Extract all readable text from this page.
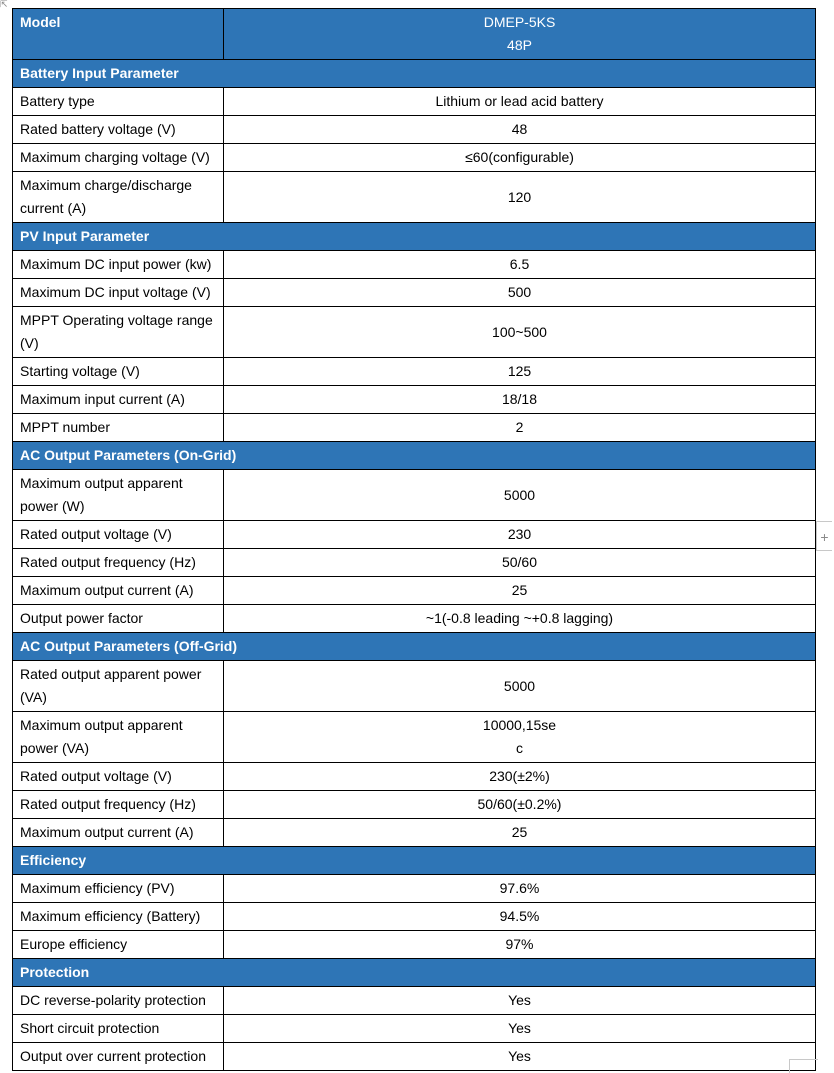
⇱
Model	DMEP-5KS
48P

Battery Input Parameter	
Battery type	Lithium or lead acid battery

Rated battery voltage (V)	48

Maximum charging voltage (V)	≤60(configurable)

Maximum charge/discharge current (A)	120

PV Input Parameter	
Maximum DC input power (kw)	6.5

Maximum DC input voltage (V)	500

MPPT Operating voltage range (V)	100~500

Starting voltage (V)	125

Maximum input current (A)	18/18

MPPT number	2

AC Output Parameters (On-Grid)	
Maximum output apparent power (W)	5000

Rated output voltage (V)	230

Rated output frequency (Hz)	50/60

Maximum output current (A)	25

Output power factor	~1(-0.8 leading ~+0.8 lagging)

AC Output Parameters (Off-Grid)	
Rated output apparent power (VA)	5000

Maximum output apparent power (VA)	10000,15se
c

Rated output voltage (V)	230(±2%)

Rated output frequency (Hz)	50/60(±0.2%)

Maximum output current (A)	25

Efficiency	
Maximum efficiency (PV)	97.6%

Maximum efficiency (Battery)	94.5%

Europe efficiency	97%

Protection	
DC reverse-polarity protection	Yes

Short circuit protection	Yes

Output over current protection	Yes
+
